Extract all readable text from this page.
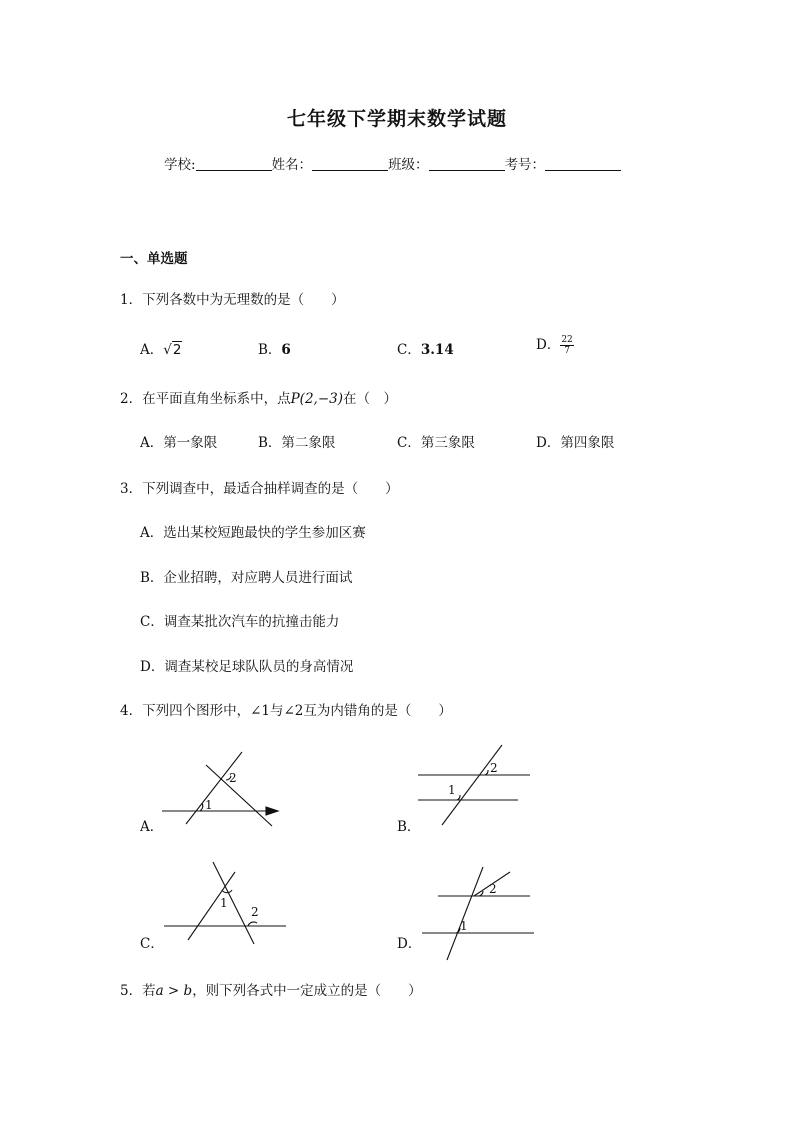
七年级下学期末数学试题
学校:	姓名：	班级：	考号：
一、单选题
1．下列各数中为无理数的是（　　）
A．√2	B．6	C．3.14	D． $\frac{22}{7}$
2．在平面直角坐标系中，点P(2,−3)在（　）
A．第一象限	B．第二象限	C．第三象限	D．第四象限
3．下列调查中，最适合抽样调查的是（　　）
A．选出某校短跑最快的学生参加区赛
B．企业招聘，对应聘人员进行面试
C．调查某批次汽车的抗撞击能力
D．调查某校足球队队员的身高情况
4．下列四个图形中，∠1与∠2互为内错角的是（　　）
A．
1
2
B．
1
2
C．
1
2
D．
1
2
5．若a > b，则下列各式中一定成立的是（　　）
